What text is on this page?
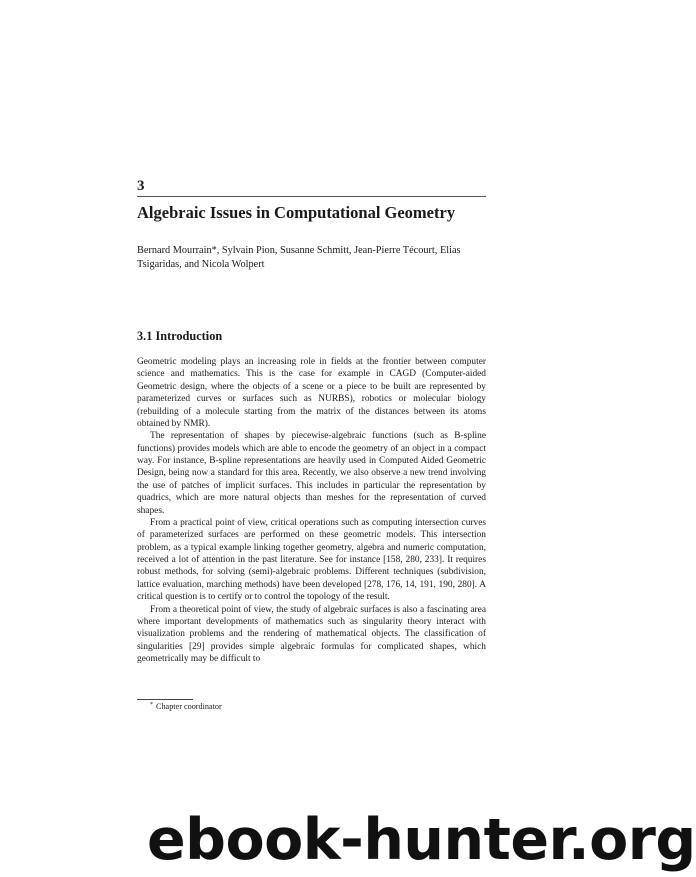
3
Algebraic Issues in Computational Geometry

Bernard Mourrain*, Sylvain Pion, Susanne Schmitt, Jean-Pierre Técourt, Elias Tsigaridas, and Nicola Wolpert

3.1 Introduction

Geometric modeling plays an increasing role in fields at the frontier between computer science and mathematics. This is the case for example in CAGD (Computer-aided Geometric design, where the objects of a scene or a piece to be built are represented by parameterized curves or surfaces such as NURBS), robotics or molecular biology (rebuilding of a molecule starting from the matrix of the distances between its atoms obtained by NMR).

The representation of shapes by piecewise-algebraic functions (such as B-spline functions) provides models which are able to encode the geometry of an object in a compact way. For instance, B-spline representations are heavily used in Computed Aided Geometric Design, being now a standard for this area. Recently, we also observe a new trend involving the use of patches of implicit surfaces. This includes in particular the representation by quadrics, which are more natural objects than meshes for the representation of curved shapes.

From a practical point of view, critical operations such as computing intersection curves of parameterized surfaces are performed on these geometric models. This intersection problem, as a typical example linking together geometry, algebra and numeric computation, received a lot of attention in the past literature. See for instance [158, 280, 233]. It requires robust methods, for solving (semi)-algebraic problems. Different techniques (subdivision, lattice evaluation, marching methods) have been developed [278, 176, 14, 191, 190, 280]. A critical question is to certify or to control the topology of the result.

From a theoretical point of view, the study of algebraic surfaces is also a fascinating area where important developments of mathematics such as singularity theory interact with visualization problems and the rendering of mathematical objects. The classification of singularities [29] provides simple algebraic formulas for complicated shapes, which geometrically may be difficult to

* Chapter coordinator

ebook-hunter.org
